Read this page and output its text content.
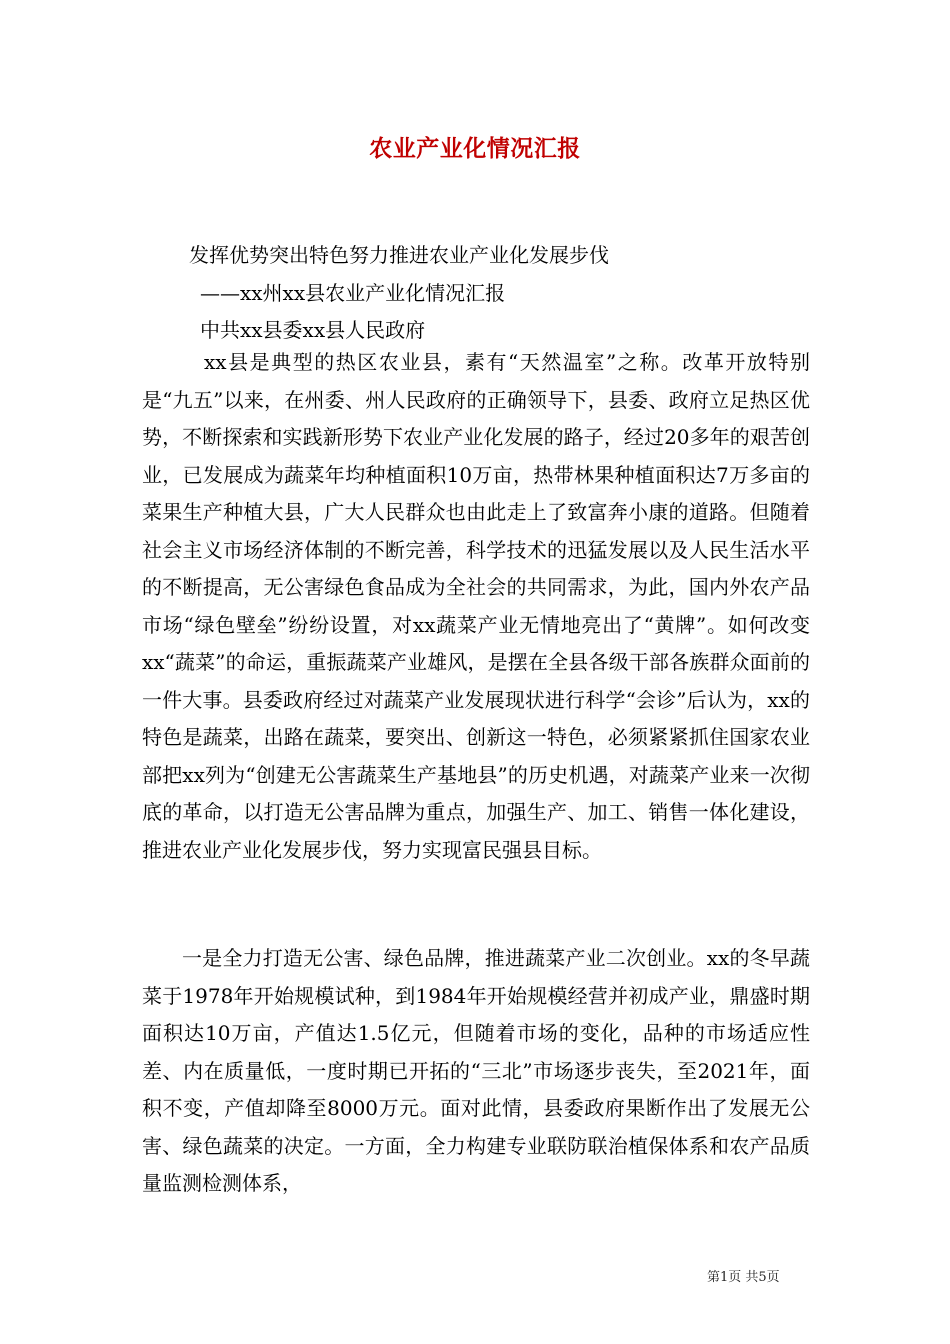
农业产业化情况汇报
发挥优势突出特色努力推进农业产业化发展步伐
——xx州xx县农业产业化情况汇报
中共xx县委xx县人民政府

xx县是典型的热区农业县，素有“天然温室”之称。改革开放特别是“九五”以来，在州委、州人民政府的正确领导下，县委、政府立足热区优势，不断探索和实践新形势下农业产业化发展的路子，经过20多年的艰苦创业，已发展成为蔬菜年均种植面积10万亩，热带林果种植面积达7万多亩的菜果生产种植大县，广大人民群众也由此走上了致富奔小康的道路。但随着社会主义市场经济体制的不断完善，科学技术的迅猛发展以及人民生活水平的不断提高，无公害绿色食品成为全社会的共同需求，为此，国内外农产品市场“绿色壁垒”纷纷设置，对xx蔬菜产业无情地亮出了“黄牌”。如何改变xx“蔬菜”的命运，重振蔬菜产业雄风，是摆在全县各级干部各族群众面前的一件大事。县委政府经过对蔬菜产业发展现状进行科学“会诊”后认为，xx的特色是蔬菜，出路在蔬菜，要突出、创新这一特色，必须紧紧抓住国家农业部把xx列为“创建无公害蔬菜生产基地县”的历史机遇，对蔬菜产业来一次彻底的革命，以打造无公害品牌为重点，加强生产、加工、销售一体化建设，推进农业产业化发展步伐，努力实现富民强县目标。

一是全力打造无公害、绿色品牌，推进蔬菜产业二次创业。xx的冬早蔬菜于1978年开始规模试种，到1984年开始规模经营并初成产业，鼎盛时期面积达10万亩，产值达1.5亿元，但随着市场的变化，品种的市场适应性差、内在质量低，一度时期已开拓的“三北”市场逐步丧失，至2021年，面积不变，产值却降至8000万元。面对此情，县委政府果断作出了发展无公害、绿色蔬菜的决定。一方面，全力构建专业联防联治植保体系和农产品质量监测检测体系，

第1页 共5页
